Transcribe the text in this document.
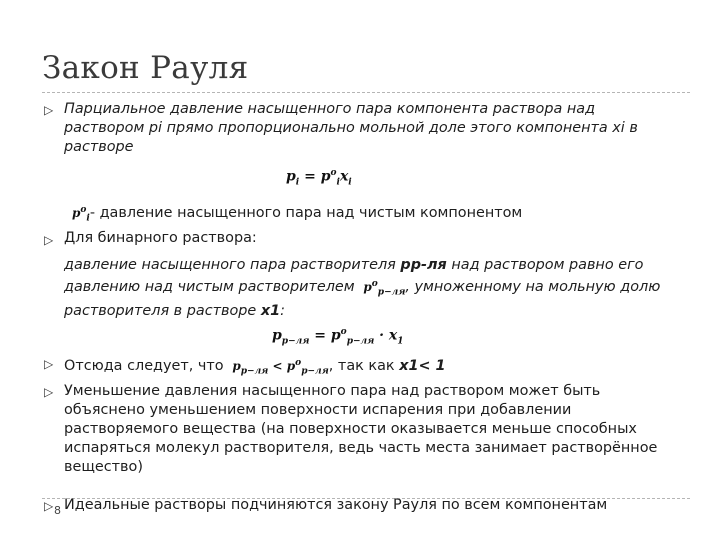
Закон Рауля
▷ Парциальное давление насыщенного пара компонента раствора над раствором pi прямо пропорционально мольной доле этого компонента xi в растворе
$p_i = p^o_ix_i$
$p^o_i-$ давление насыщенного пара над чистым компонентом
▷ Для бинарного раствора:
давление насыщенного пара растворителя pр-ля над раствором равно его давлению над чистым растворителем $p^o_{р-ля}$, умноженному на мольную долю растворителя в растворе x1:
$p_{р-ля} = p^o_{р-ля} \cdot x_1$
▷ Отсюда следует, что $p_{р-ля} < p^o_{р-ля}$, так как x1< 1
▷ Уменьшение давления насыщенного пара над раствором может быть объяснено уменьшением поверхности испарения при добавлении растворяемого вещества (на поверхности оказывается меньше способных испаряться молекул растворителя, ведь часть места занимает растворённое вещество)
▷ Идеальные растворы подчиняются закону Рауля по всем компонентам
8
